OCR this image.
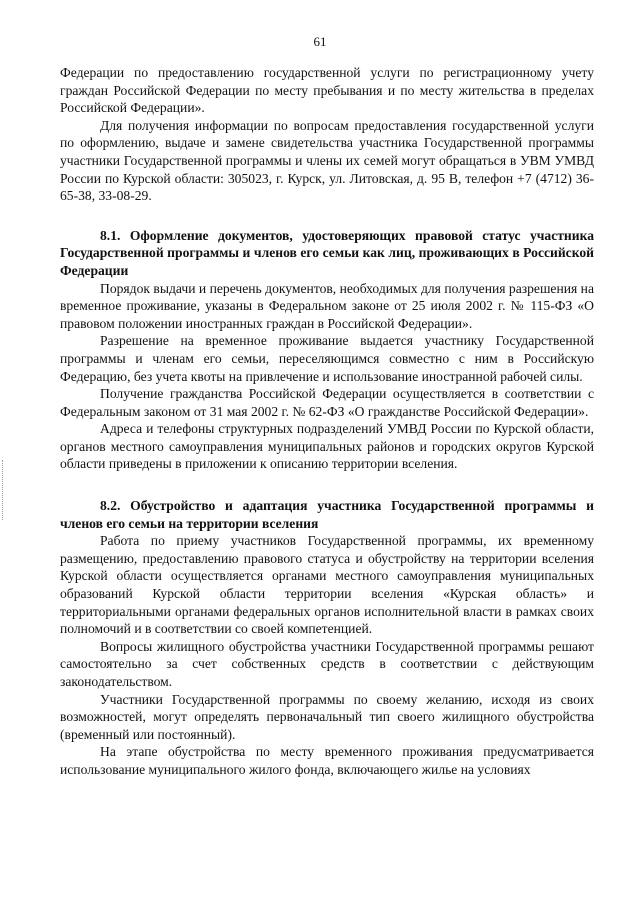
61

Федерации по предоставлению государственной услуги по регистрационному учету граждан Российской Федерации по месту пребывания и по месту жительства в пределах Российской Федерации».

Для получения информации по вопросам предоставления государственной услуги по оформлению, выдаче и замене свидетельства участника Государственной программы участники Государственной программы и члены их семей могут обращаться в УВМ УМВД России по Курской области: 305023, г. Курск, ул. Литовская, д. 95 В, телефон +7 (4712) 36-65-38, 33-08-29.

8.1. Оформление документов, удостоверяющих правовой статус участника Государственной программы и членов его семьи как лиц, проживающих в Российской Федерации

Порядок выдачи и перечень документов, необходимых для получения разрешения на временное проживание, указаны в Федеральном законе от 25 июля 2002 г. № 115-ФЗ «О правовом положении иностранных граждан в Российской Федерации».

Разрешение на временное проживание выдается участнику Государственной программы и членам его семьи, переселяющимся совместно с ним в Российскую Федерацию, без учета квоты на привлечение и использование иностранной рабочей силы.

Получение гражданства Российской Федерации осуществляется в соответствии с Федеральным законом от 31 мая 2002 г. № 62-ФЗ «О гражданстве Российской Федерации».

Адреса и телефоны структурных подразделений УМВД России по Курской области, органов местного самоуправления муниципальных районов и городских округов Курской области приведены в приложении к описанию территории вселения.

8.2. Обустройство и адаптация участника Государственной программы и членов его семьи на территории вселения

Работа по приему участников Государственной программы, их временному размещению, предоставлению правового статуса и обустройству на территории вселения Курской области осуществляется органами местного самоуправления муниципальных образований Курской области территории вселения «Курская область» и территориальными органами федеральных органов исполнительной власти в рамках своих полномочий и в соответствии со своей компетенцией.

Вопросы жилищного обустройства участники Государственной программы решают самостоятельно за счет собственных средств в соответствии с действующим законодательством.

Участники Государственной программы по своему желанию, исходя из своих возможностей, могут определять первоначальный тип своего жилищного обустройства (временный или постоянный).

На этапе обустройства по месту временного проживания предусматривается использование муниципального жилого фонда, включающего жилье на условиях
